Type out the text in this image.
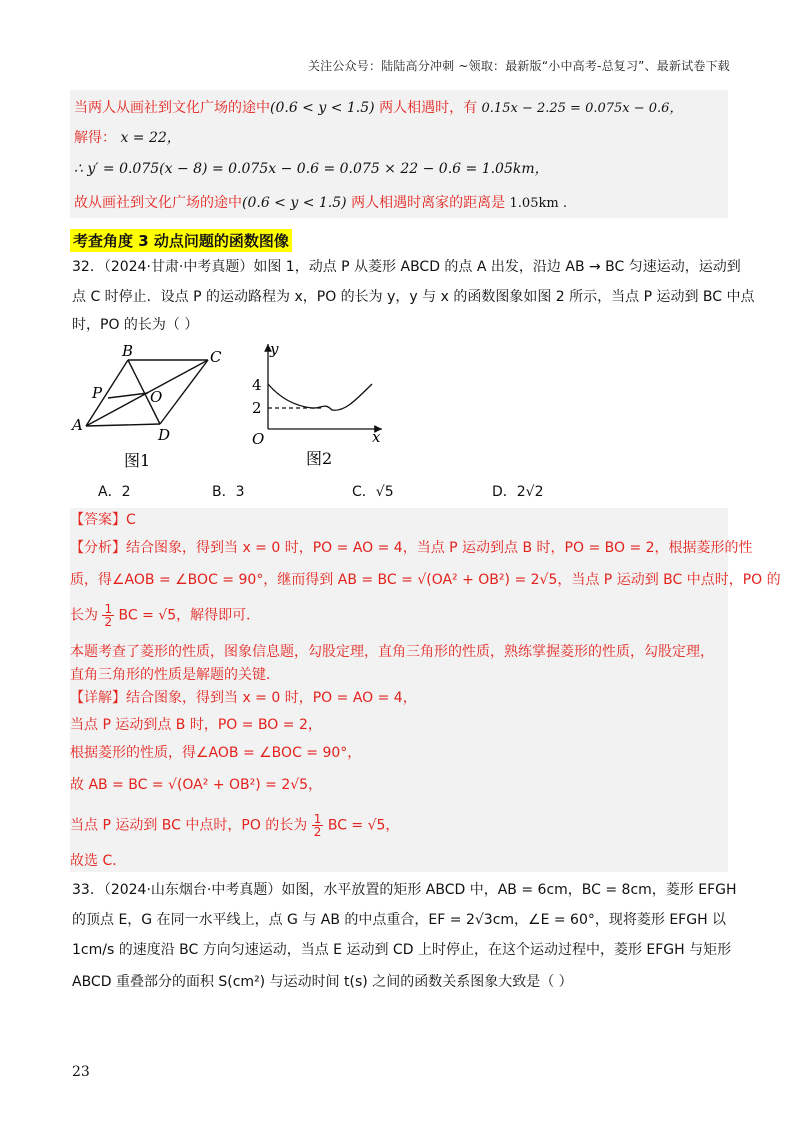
关注公众号：陆陆高分冲刺 ~领取：最新版“小中高考-总复习”、最新试卷下载
当两人从画社到文化广场的途中(0.6 < y < 1.5) 两人相遇时，有 0.15x − 2.25 = 0.075x − 0.6，
解得： x = 22，
∴ y′ = 0.075(x − 8) = 0.075x − 0.6 = 0.075 × 22 − 0.6 = 1.05km，
故从画社到文化广场的途中(0.6 < y < 1.5) 两人相遇时离家的距离是 1.05km .
考查角度 3 动点问题的函数图像
32．（2024·甘肃·中考真题）如图 1，动点 P 从菱形 ABCD 的点 A 出发，沿边 AB → BC 匀速运动，运动到
点 C 时停止．设点 P 的运动路程为 x，PO 的长为 y，y 与 x 的函数图象如图 2 所示，当点 P 运动到 BC 中点
时，PO 的长为（ ）
B	C
P	O
A
D
图1
y
x
O
4
2
图2
A．2	B．3	C．√5	D．2√2
【答案】C
【分析】结合图象，得到当 x = 0 时，PO = AO = 4，当点 P 运动到点 B 时，PO = BO = 2，根据菱形的性
质，得∠AOB = ∠BOC = 90°，继而得到 AB = BC = √(OA² + OB²) = 2√5，当点 P 运动到 BC 中点时，PO 的
长为 $\frac{1}{2}$ BC = √5，解得即可．
本题考查了菱形的性质，图象信息题，勾股定理，直角三角形的性质，熟练掌握菱形的性质，勾股定理，
直角三角形的性质是解题的关键．
【详解】结合图象，得到当 x = 0 时，PO = AO = 4，
当点 P 运动到点 B 时，PO = BO = 2，
根据菱形的性质，得∠AOB = ∠BOC = 90°，
故 AB = BC = √(OA² + OB²) = 2√5，
当点 P 运动到 BC 中点时，PO 的长为 $\frac{1}{2}$ BC = √5，
故选 C．
33．（2024·山东烟台·中考真题）如图，水平放置的矩形 ABCD 中，AB = 6cm，BC = 8cm，菱形 EFGH
的顶点 E，G 在同一水平线上，点 G 与 AB 的中点重合，EF = 2√3cm，∠E = 60°，现将菱形 EFGH 以
1cm/s 的速度沿 BC 方向匀速运动，当点 E 运动到 CD 上时停止，在这个运动过程中，菱形 EFGH 与矩形
ABCD 重叠部分的面积 S(cm²) 与运动时间 t(s) 之间的函数关系图象大致是（ ）
23
